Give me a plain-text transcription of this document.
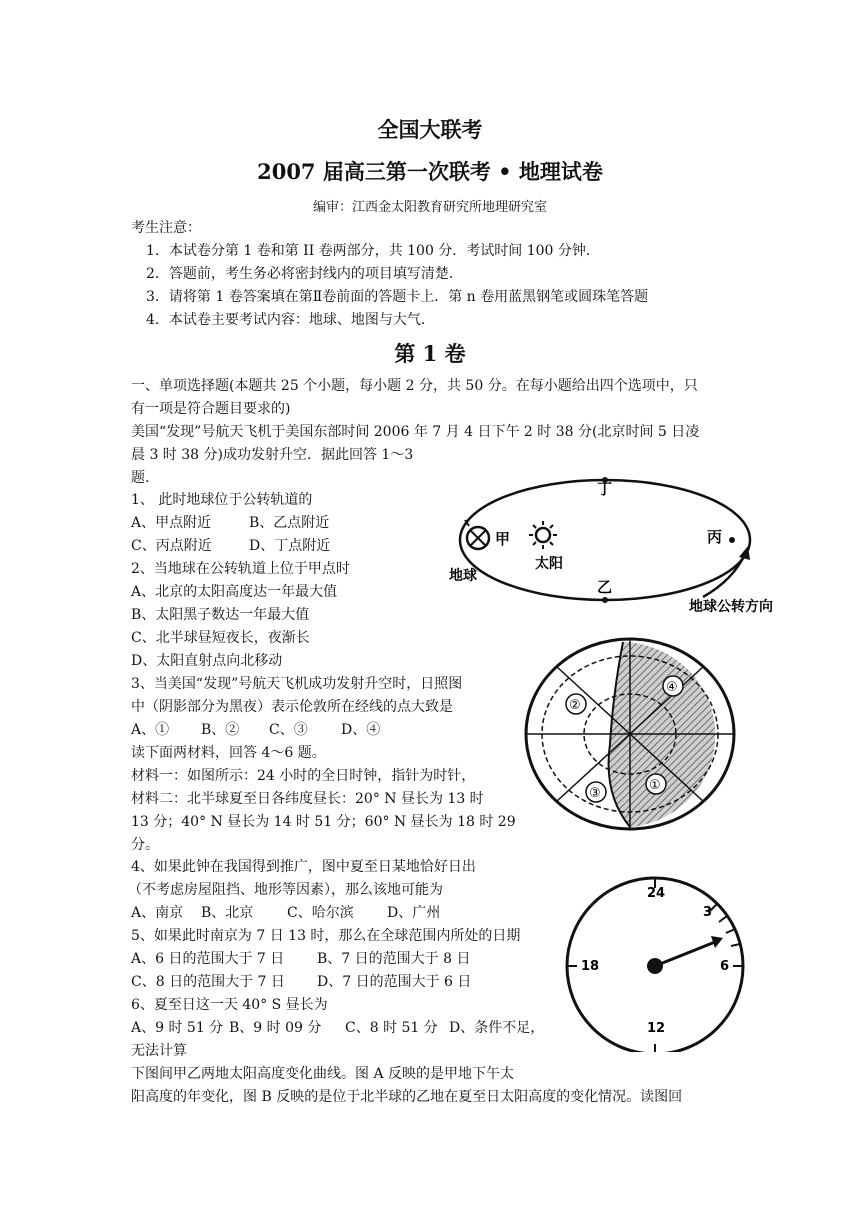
全国大联考
2007 届高三第一次联考 • 地理试卷
编审：江西金太阳教育研究所地理研究室
考生注意：
1．本试卷分第 1 卷和第 II 卷两部分，共 100 分．考试时间 100 分钟．
2．答题前，考生务必将密封线内的项目填写清楚．
3．请将第 1 卷答案填在第Ⅱ卷前面的答题卡上．第 n 卷用蓝黑钢笔或圆珠笔答题
4．本试卷主要考试内容：地球、地图与大气．
第 1 卷
一、单项选择题(本题共 25 个小题，每小题 2 分，共 50 分。在每小题给出四个选项中，只
有一项是符合题目要求的)
美国“发现”号航天飞机于美国东部时间 2006 年 7 月 4 日下午 2 时 38 分(北京时间 5 日凌
晨 3 时 38 分)成功发射升空．据此回答 1～3
题．
1、 此时地球位于公转轨道的
A、甲点附近	B、乙点附近
C、丙点附近	D、丁点附近
2、当地球在公转轨道上位于甲点时
A、北京的太阳高度达一年最大值
B、太阳黑子数达一年最大值
C、北半球昼短夜长，夜渐长
D、太阳直射点向北移动
3、当美国“发现”号航天飞机成功发射升空时，日照图
中（阴影部分为黑夜）表示伦敦所在经线的点大致是
A、① B、② C、③ D、④
读下面两材料，回答 4～6 题。
材料一：如图所示：24 小时的全日时钟，指针为时针，
材料二：北半球夏至日各纬度昼长：20° N 昼长为 13 时
13 分；40° N 昼长为 14 时 51 分；60° N 昼长为 18 时 29
分。
4、如果此钟在我国得到推广，图中夏至日某地恰好日出
（不考虑房屋阻挡、地形等因素），那么该地可能为
A、南京 B、北京 C、哈尔滨 D、广州
5、如果此时南京为 7 日 13 时，那么在全球范围内所处的日期
A、6 日的范围大于 7 日 B、7 日的范围大于 8 日
C、8 日的范围大于 7 日 D、7 日的范围大于 6 日
6、夏至日这一天 40° S 昼长为
A、9 时 51 分 B、9 时 09 分 C、8 时 51 分 D、条件不足，
无法计算
下图间甲乙两地太阳高度变化曲线。图 A 反映的是甲地下午太
阳高度的年变化，图 B 反映的是位于北半球的乙地在夏至日太阳高度的变化情况。读图回
丁
甲
太阳
地球
乙
丙
地球公转方向
④
②
③
①
24
3
6
12
18
